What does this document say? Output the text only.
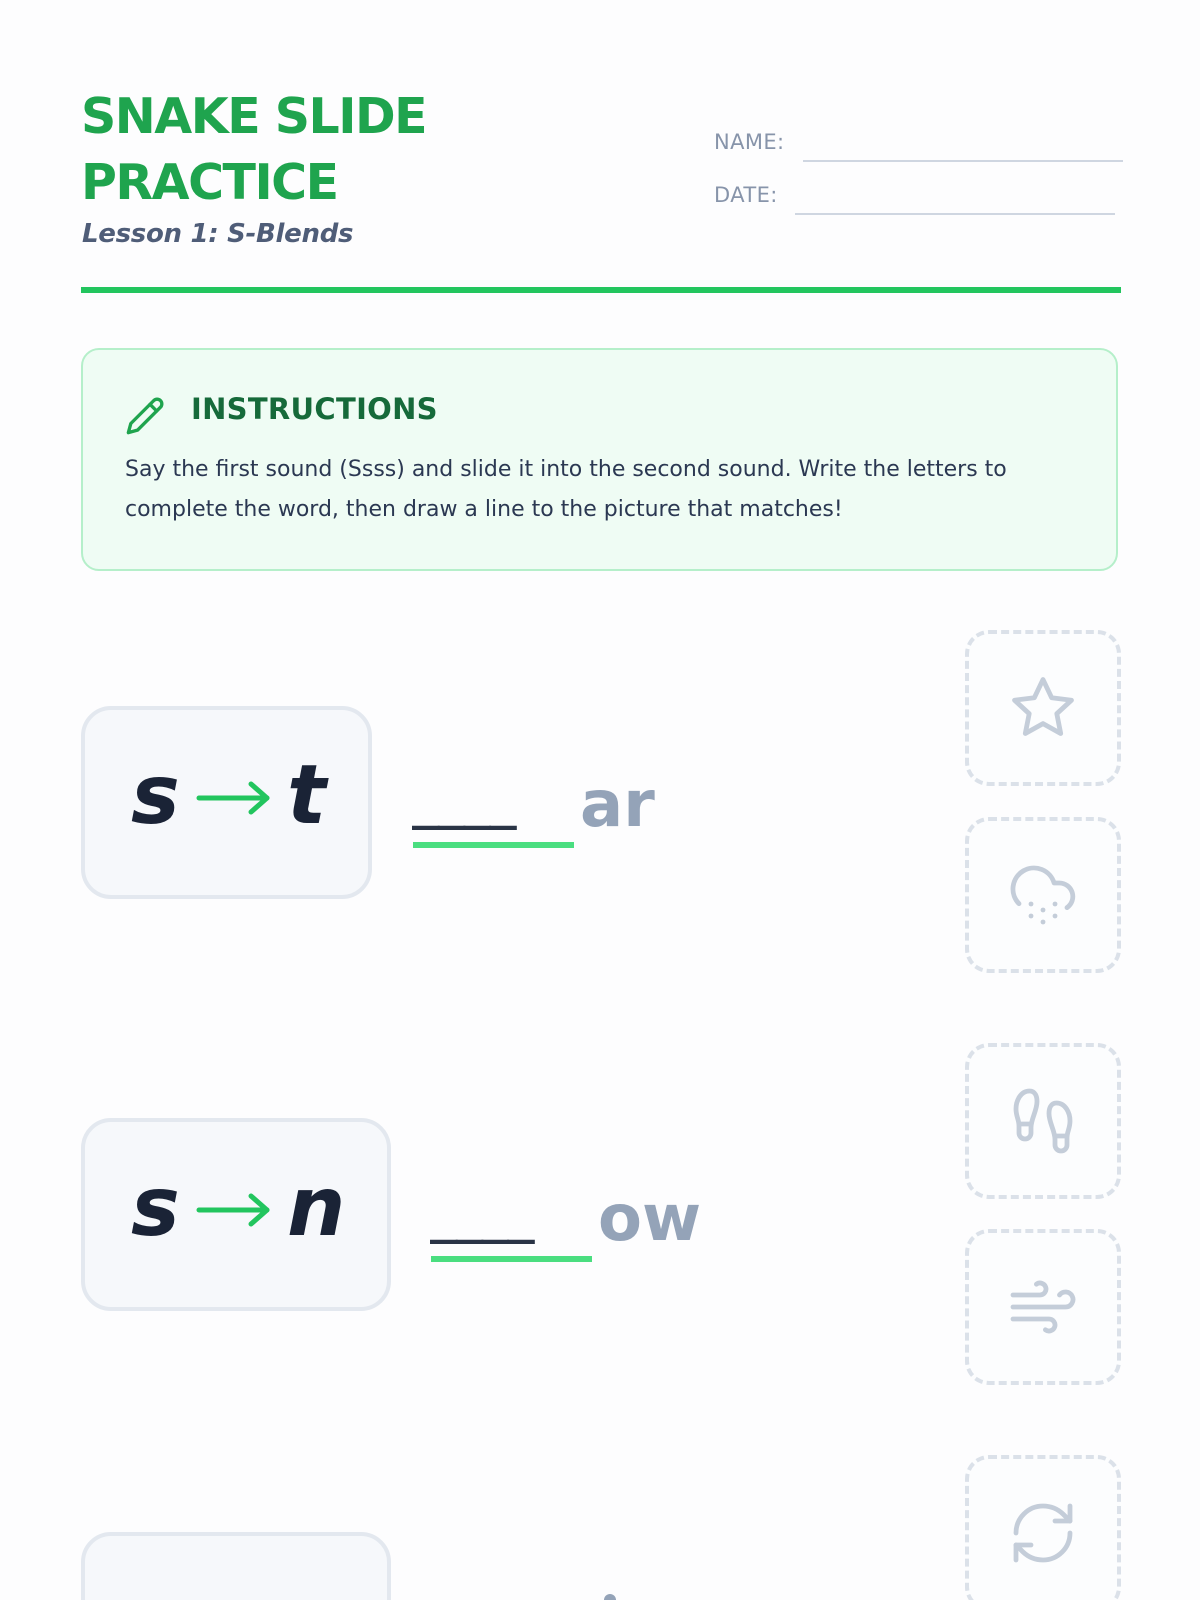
SNAKE SLIDE
PRACTICE

Lesson 1: S-Blends

NAME:
DATE:
INSTRUCTIONS

Say the first sound (Ssss) and slide it into the second sound. Write the letters to complete the word, then draw a line to the picture that matches!

s t ____ ar
s n ____ ow
